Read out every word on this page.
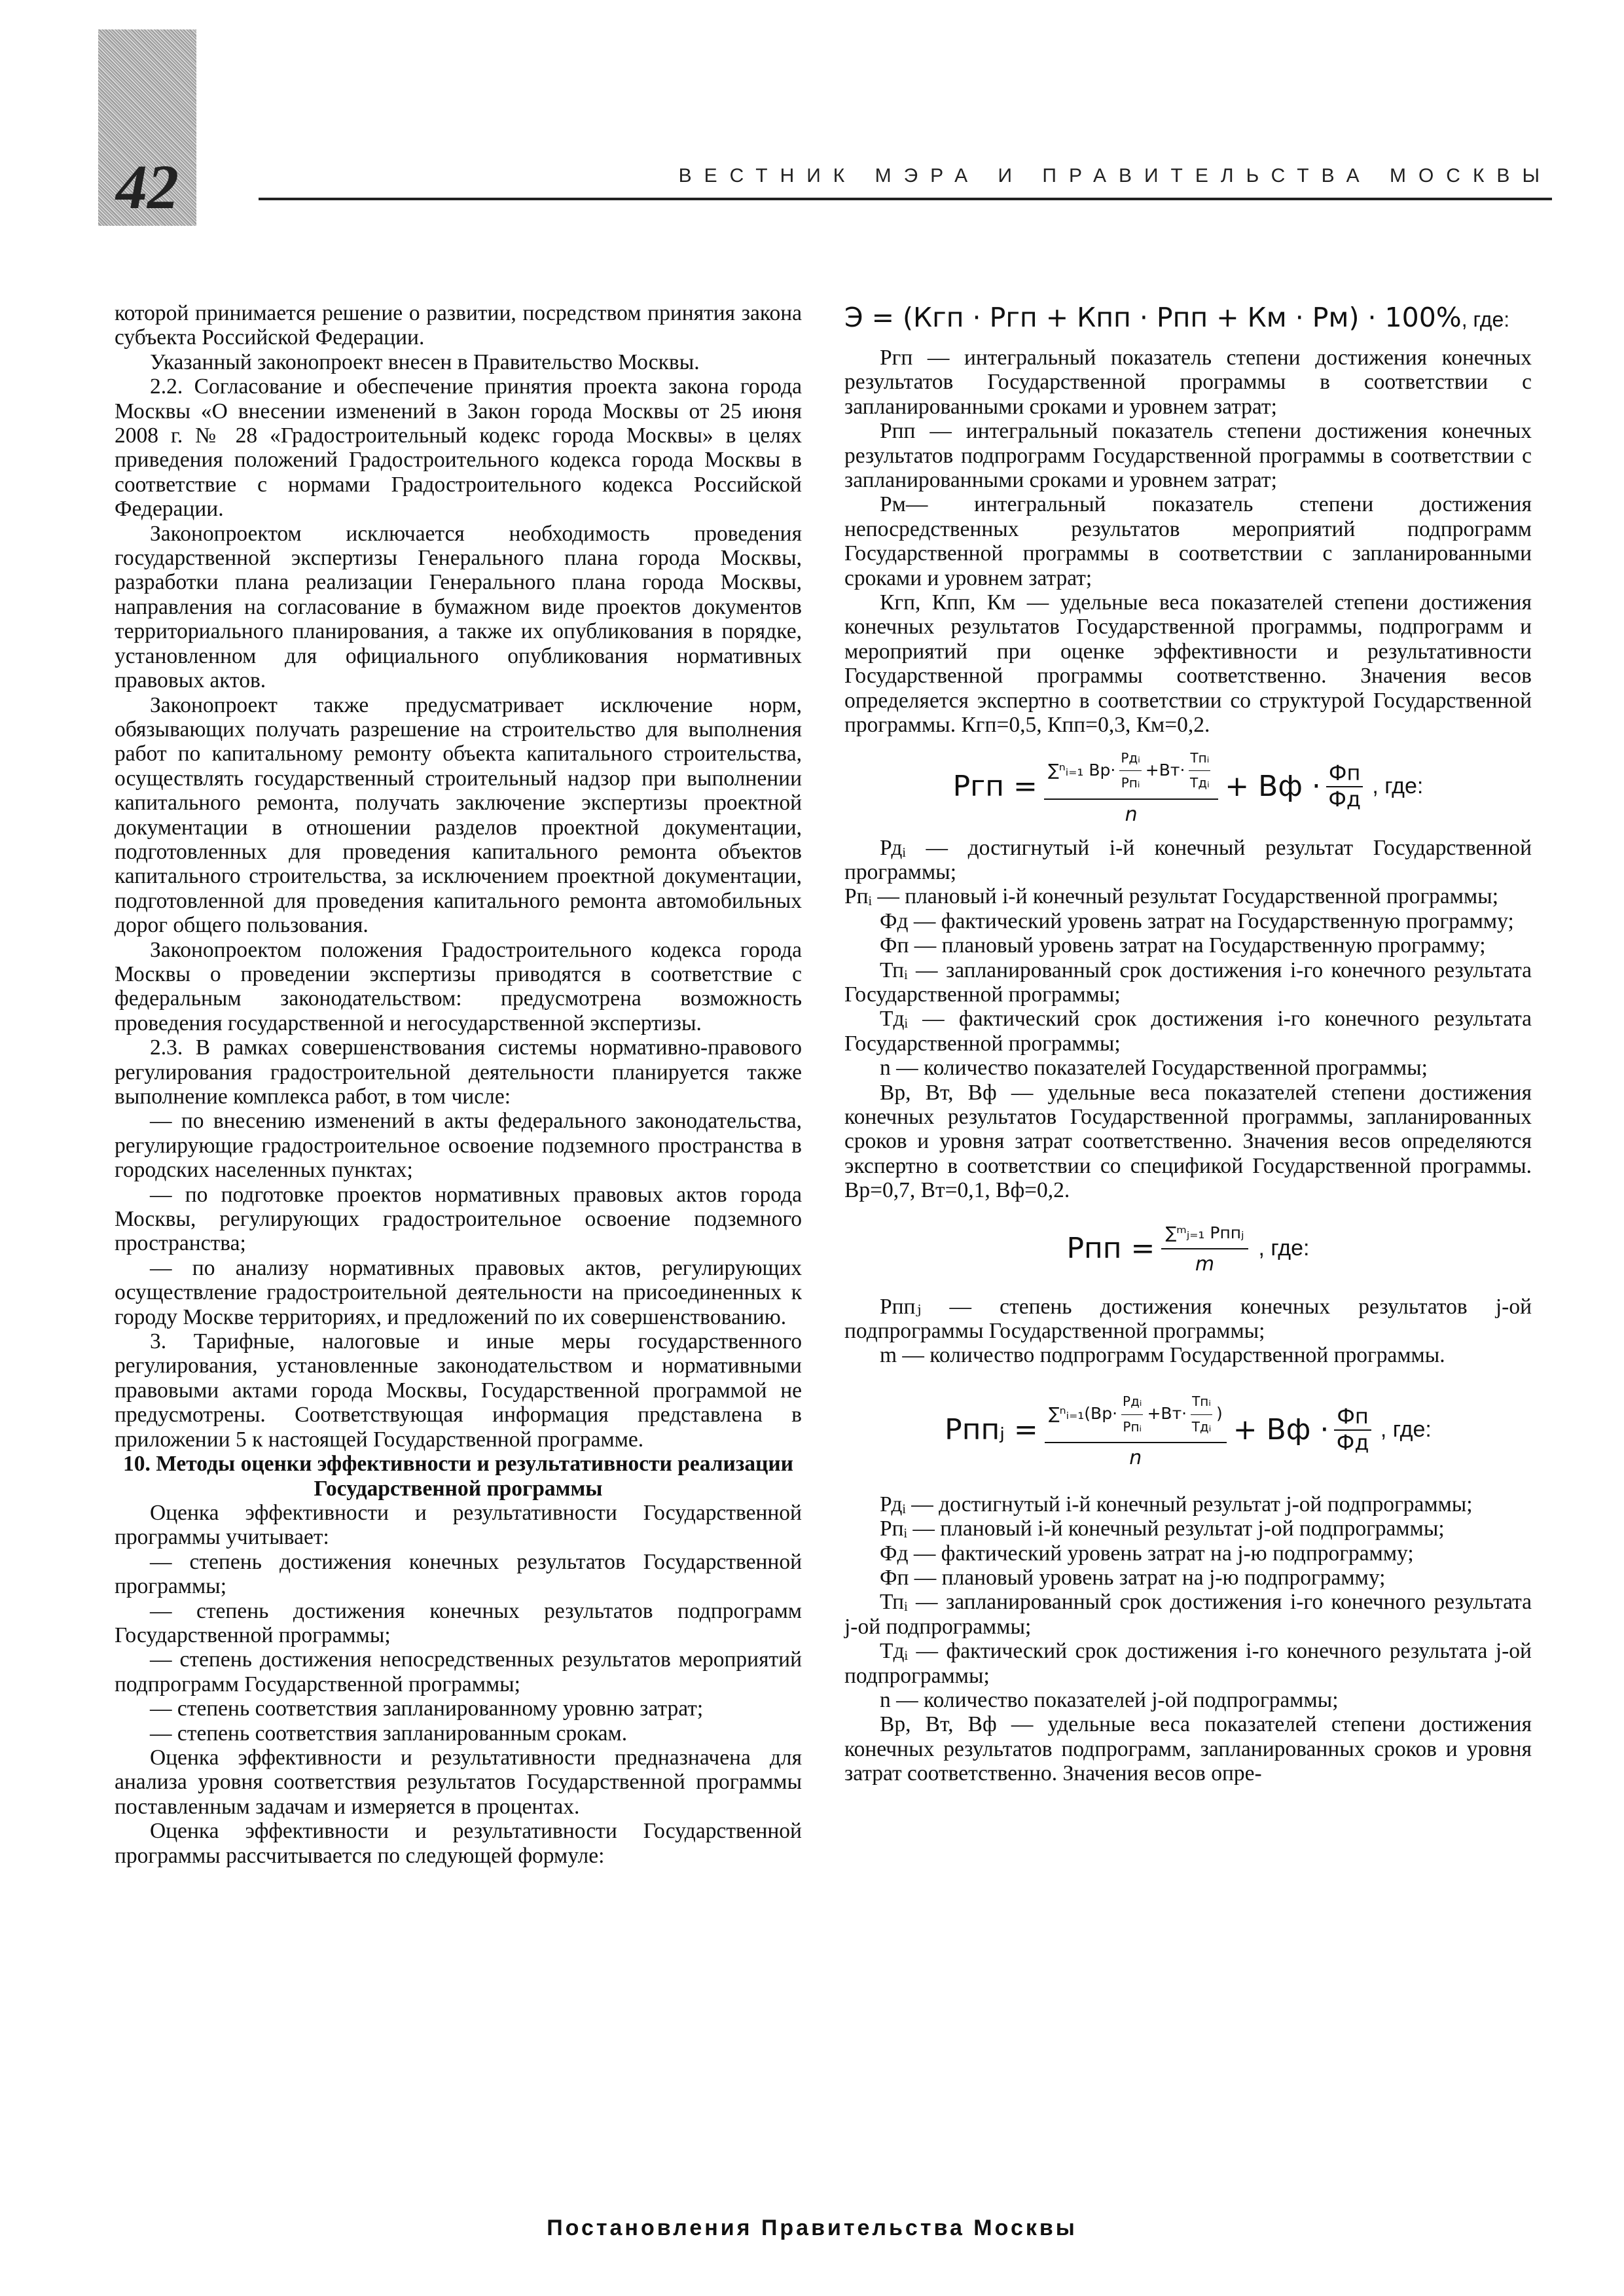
42	ВЕСТНИК МЭРА И ПРАВИТЕЛЬСТВА МОСКВЫ

которой принимается решение о развитии, посредством принятия закона субъекта Российской Федерации.

Указанный законопроект внесен в Правительство Москвы.

2.2. Согласование и обеспечение принятия проекта закона города Москвы «О внесении изменений в Закон города Москвы от 25 июня 2008 г. № 28 «Градостроительный кодекс города Москвы» в целях приведения положений Градостроительного кодекса города Москвы в соответствие с нормами Градостроительного кодекса Российской Федерации.

Законопроектом исключается необходимость проведения государственной экспертизы Генерального плана города Москвы, разработки плана реализации Генерального плана города Москвы, направления на согласование в бумажном виде проектов документов территориального планирования, а также их опубликования в порядке, установленном для официального опубликования нормативных правовых актов.

Законопроект также предусматривает исключение норм, обязывающих получать разрешение на строительство для выполнения работ по капитальному ремонту объекта капитального строительства, осуществлять государственный строительный надзор при выполнении капитального ремонта, получать заключение экспертизы проектной документации в отношении разделов проектной документации, подготовленных для проведения капитального ремонта объектов капитального строительства, за исключением проектной документации, подготовленной для проведения капитального ремонта автомобильных дорог общего пользования.

Законопроектом положения Градостроительного кодекса города Москвы о проведении экспертизы приводятся в соответствие с федеральным законодательством: предусмотрена возможность проведения государственной и негосударственной экспертизы.

2.3. В рамках совершенствования системы нормативно-правового регулирования градостроительной деятельности планируется также выполнение комплекса работ, в том числе:

— по внесению изменений в акты федерального законодательства, регулирующие градостроительное освоение подземного пространства в городских населенных пунктах;

— по подготовке проектов нормативных правовых актов города Москвы, регулирующих градостроительное освоение подземного пространства;

— по анализу нормативных правовых актов, регулирующих осуществление градостроительной деятельности на присоединенных к городу Москве территориях, и предложений по их совершенствованию.

3. Тарифные, налоговые и иные меры государственного регулирования, установленные законодательством и нормативными правовыми актами города Москвы, Государственной программой не предусмотрены. Соответствующая информация представлена в приложении 5 к настоящей Государственной программе.

10. Методы оценки эффективности и результативности реализации Государственной программы

Оценка эффективности и результативности Государственной программы учитывает:

— степень достижения конечных результатов Государственной программы;

— степень достижения конечных результатов подпрограмм Государственной программы;

— степень достижения непосредственных результатов мероприятий подпрограмм Государственной программы;

— степень соответствия запланированному уровню затрат;

— степень соответствия запланированным срокам.

Оценка эффективности и результативности предназначена для анализа уровня соответствия результатов Государственной программы поставленным задачам и измеряется в процентах.

Оценка эффективности и результативности Государственной программы рассчитывается по следующей формуле:

Э = (Кгп · Ргп + Кпп · Рпп + Км · Рм) · 100%, где:

Ргп — интегральный показатель степени достижения конечных результатов Государственной программы в соответствии с запланированными сроками и уровнем затрат;

Рпп — интегральный показатель степени достижения конечных результатов подпрограмм Государственной программы в соответствии с запланированными сроками и уровнем затрат;

Рм— интегральный показатель степени достижения непосредственных результатов мероприятий подпрограмм Государственной программы в соответствии с запланированными сроками и уровнем затрат;

Кгп, Кпп, Км — удельные веса показателей степени достижения конечных результатов Государственной программы, подпрограмм и мероприятий при оценке эффективности и результативности Государственной программы соответственно. Значения весов определяется экспертно в соответствии со структурой Государственной программы. Кгп=0,5, Кпп=0,3, Км=0,2.

Ргп = ∑ⁿᵢ₌₁ Вр·
Рдᵢ
Рпᵢ
+Вт·
Тпᵢ
Тдᵢ
n + Вф · Фп
Фд
, где:

Рдᵢ — достигнутый i-й конечный результат Государственной программы;

Рпᵢ — плановый i-й конечный результат Государственной программы;

Фд — фактический уровень затрат на Государственную программу;

Фп — плановый уровень затрат на Государственную программу;

Тпᵢ — запланированный срок достижения i-го конечного результата Государственной программы;

Тдᵢ — фактический срок достижения i-го конечного результата Государственной программы;

n — количество показателей Государственной программы;

Вр, Вт, Вф — удельные веса показателей степени достижения конечных результатов Государственной программы, запланированных сроков и уровня затрат соответственно. Значения весов определяются экспертно в соответствии со спецификой Государственной программы. Вр=0,7, Вт=0,1, Вф=0,2.

Рпп = $\frac{\text{∑ᵐⱼ₌₁ Рппⱼ}}{m}$ , где:

Рппⱼ — степень достижения конечных результатов j-ой подпрограммы Государственной программы;

m — количество подпрограмм Государственной программы.

Рппⱼ = ∑ⁿᵢ₌₁(Вр·
Рдᵢ
Рпᵢ
+Вт·
Тпᵢ
Тдᵢ
)
n + Вф · Фп
Фд
, где:

Рдᵢ — достигнутый i-й конечный результат j-ой подпрограммы;

Рпᵢ — плановый i-й конечный результат j-ой подпрограммы;

Фд — фактический уровень затрат на j-ю подпрограмму;

Фп — плановый уровень затрат на j-ю подпрограмму;

Тпᵢ — запланированный срок достижения i-го конечного результата j-ой подпрограммы;

Тдᵢ — фактический срок достижения i-го конечного результата j-ой подпрограммы;

n — количество показателей j-ой подпрограммы;

Вр, Вт, Вф — удельные веса показателей степени достижения конечных результатов подпрограмм, запланированных сроков и уровня затрат соответственно. Значения весов опре-

Постановления Правительства Москвы
